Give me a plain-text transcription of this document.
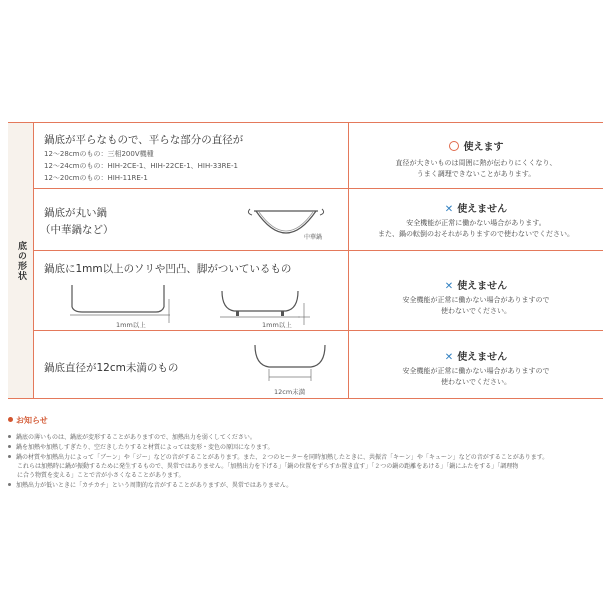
底の形状
鍋底が平らなもので、平らな部分の直径が
12〜28cmのもの：三相200V機種
12〜24cmのもの：HIH-2CE-1、HIH-22CE-1、HIH-33RE-1
12〜20cmのもの：HIH-11RE-1
使えます
直径が大きいものは周囲に熱が伝わりにくくなり、
うまく調理できないことがあります。
鍋底が丸い鍋
（中華鍋など）
中華鍋
✕ 使えません
安全機能が正常に働かない場合があります。
また、鍋の転倒のおそれがありますので使わないでください。
鍋底に1mm以上のソリや凹凸、脚がついているもの
1mm以上	1mm以上
✕ 使えません
安全機能が正常に働かない場合がありますので
使わないでください。
鍋底直径が12cm未満のもの
12cm未満
✕ 使えません
安全機能が正常に働かない場合がありますので
使わないでください。
お知らせ
鍋底の薄いものは、鍋底が変形することがありますので、加熱出力を弱くしてください。
鍋を加熱や加熱しすぎたり、空だきしたりすると材質によっては変形・変色の原因になります。
鍋の材質や加熱出力によって「ブーン」や「ジー」などの音がすることがあります。また、２つのヒーターを同時加熱したときに、共振音「キーン」や「キューン」などの音がすることがあります。
これらは加熱時に鍋が振動するために発生するもので、異常ではありません。「加熱出力を下げる」「鍋の位置をずらすか置き直す」「２つの鍋の距離をあける」「鍋にふたをする」「調理物
に合う物質を変える」ことで音が小さくなることがあります。
加熱出力が低いときに「カチカチ」という周期的な音がすることがありますが、異常ではありません。
